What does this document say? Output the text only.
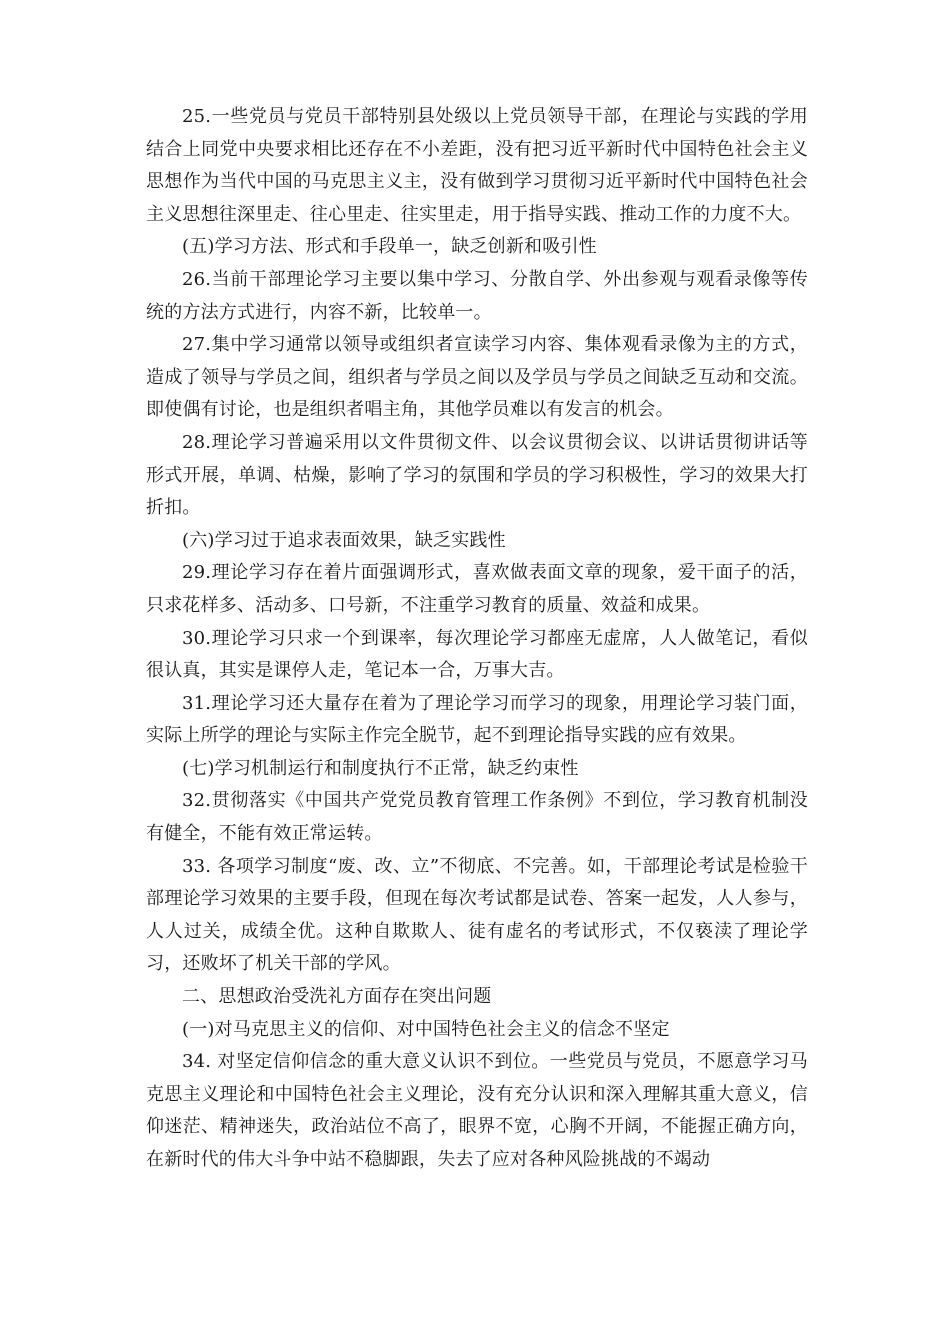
25.一些党员与党员干部特别县处级以上党员领导干部，在理论与实践的学用结合上同党中央要求相比还存在不小差距，没有把习近平新时代中国特色社会主义思想作为当代中国的马克思主义主，没有做到学习贯彻习近平新时代中国特色社会主义思想往深里走、往心里走、往实里走，用于指导实践、推动工作的力度不大。

(五)学习方法、形式和手段单一，缺乏创新和吸引性

26.当前干部理论学习主要以集中学习、分散自学、外出参观与观看录像等传统的方法方式进行，内容不新，比较单一。

27.集中学习通常以领导或组织者宣读学习内容、集体观看录像为主的方式，造成了领导与学员之间，组织者与学员之间以及学员与学员之间缺乏互动和交流。即使偶有讨论，也是组织者唱主角，其他学员难以有发言的机会。

28.理论学习普遍采用以文件贯彻文件、以会议贯彻会议、以讲话贯彻讲话等形式开展，单调、枯燥，影响了学习的氛围和学员的学习积极性，学习的效果大打折扣。

(六)学习过于追求表面效果，缺乏实践性

29.理论学习存在着片面强调形式，喜欢做表面文章的现象，爱干面子的活，只求花样多、活动多、口号新，不注重学习教育的质量、效益和成果。

30.理论学习只求一个到课率，每次理论学习都座无虚席，人人做笔记，看似很认真，其实是课停人走，笔记本一合，万事大吉。

31.理论学习还大量存在着为了理论学习而学习的现象，用理论学习装门面，实际上所学的理论与实际主作完全脱节，起不到理论指导实践的应有效果。

(七)学习机制运行和制度执行不正常，缺乏约束性

32.贯彻落实《中国共产党党员教育管理工作条例》不到位，学习教育机制没有健全，不能有效正常运转。

33. 各项学习制度“废、改、立”不彻底、不完善。如，干部理论考试是检验干部理论学习效果的主要手段，但现在每次考试都是试卷、答案一起发，人人参与，人人过关，成绩全优。这种自欺欺人、徒有虚名的考试形式，不仅亵渎了理论学习，还败坏了机关干部的学风。

二、思想政治受洗礼方面存在突出问题

(一)对马克思主义的信仰、对中国特色社会主义的信念不坚定

34. 对坚定信仰信念的重大意义认识不到位。一些党员与党员，不愿意学习马克思主义理论和中国特色社会主义理论，没有充分认识和深入理解其重大意义，信仰迷茫、精神迷失，政治站位不高了，眼界不宽，心胸不开阔，不能握正确方向，在新时代的伟大斗争中站不稳脚跟，失去了应对各种风险挑战的不竭动
